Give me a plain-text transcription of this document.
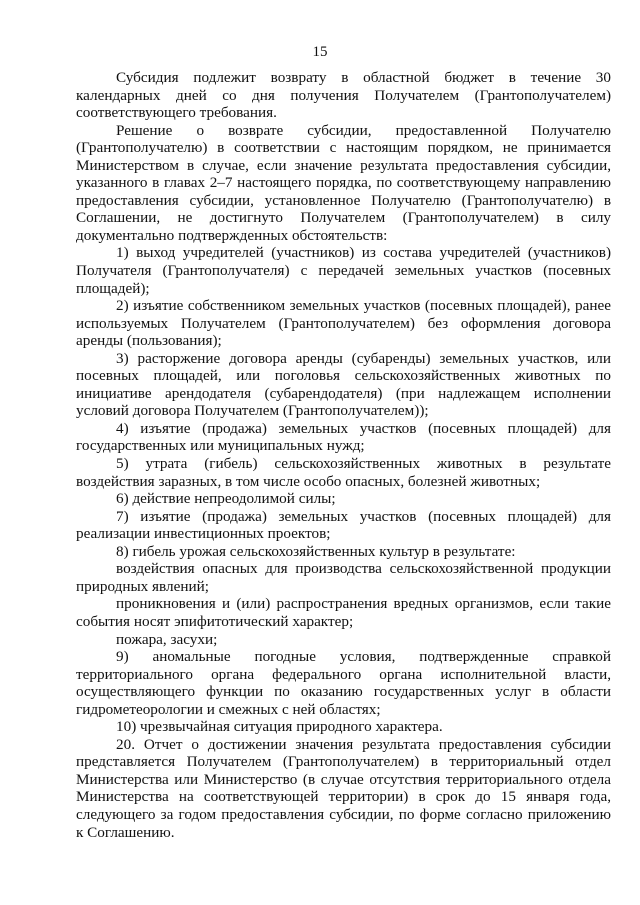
15

Субсидия подлежит возврату в областной бюджет в течение 30 календарных дней со дня получения Получателем (Грантополучателем) соответствующего требования.

Решение о возврате субсидии, предоставленной Получателю (Грантополучателю) в соответствии с настоящим порядком, не принимается Министерством в случае, если значение результата предоставления субсидии, указанного в главах 2–7 настоящего порядка, по соответствующему направлению предоставления субсидии, установленное Получателю (Грантополучателю) в Соглашении, не достигнуто Получателем (Грантополучателем) в силу документально подтвержденных обстоятельств:

1) выход учредителей (участников) из состава учредителей (участников) Получателя (Грантополучателя) с передачей земельных участков (посевных площадей);

2) изъятие собственником земельных участков (посевных площадей), ранее используемых Получателем (Грантополучателем) без оформления договора аренды (пользования);

3) расторжение договора аренды (субаренды) земельных участков, или посевных площадей, или поголовья сельскохозяйственных животных по инициативе арендодателя (субарендодателя) (при надлежащем исполнении условий договора Получателем (Грантополучателем));

4) изъятие (продажа) земельных участков (посевных площадей) для государственных или муниципальных нужд;

5) утрата (гибель) сельскохозяйственных животных в результате воздействия заразных, в том числе особо опасных, болезней животных;

6) действие непреодолимой силы;

7) изъятие (продажа) земельных участков (посевных площадей) для реализации инвестиционных проектов;

8) гибель урожая сельскохозяйственных культур в результате:

воздействия опасных для производства сельскохозяйственной продукции природных явлений;

проникновения и (или) распространения вредных организмов, если такие события носят эпифитотический характер;

пожара, засухи;

9) аномальные погодные условия, подтвержденные справкой территориального органа федерального органа исполнительной власти, осуществляющего функции по оказанию государственных услуг в области гидрометеорологии и смежных с ней областях;

10) чрезвычайная ситуация природного характера.

20. Отчет о достижении значения результата предоставления субсидии представляется Получателем (Грантополучателем) в территориальный отдел Министерства или Министерство (в случае отсутствия территориального отдела Министерства на соответствующей территории) в срок до 15 января года, следующего за годом предоставления субсидии, по форме согласно приложению к Соглашению.
